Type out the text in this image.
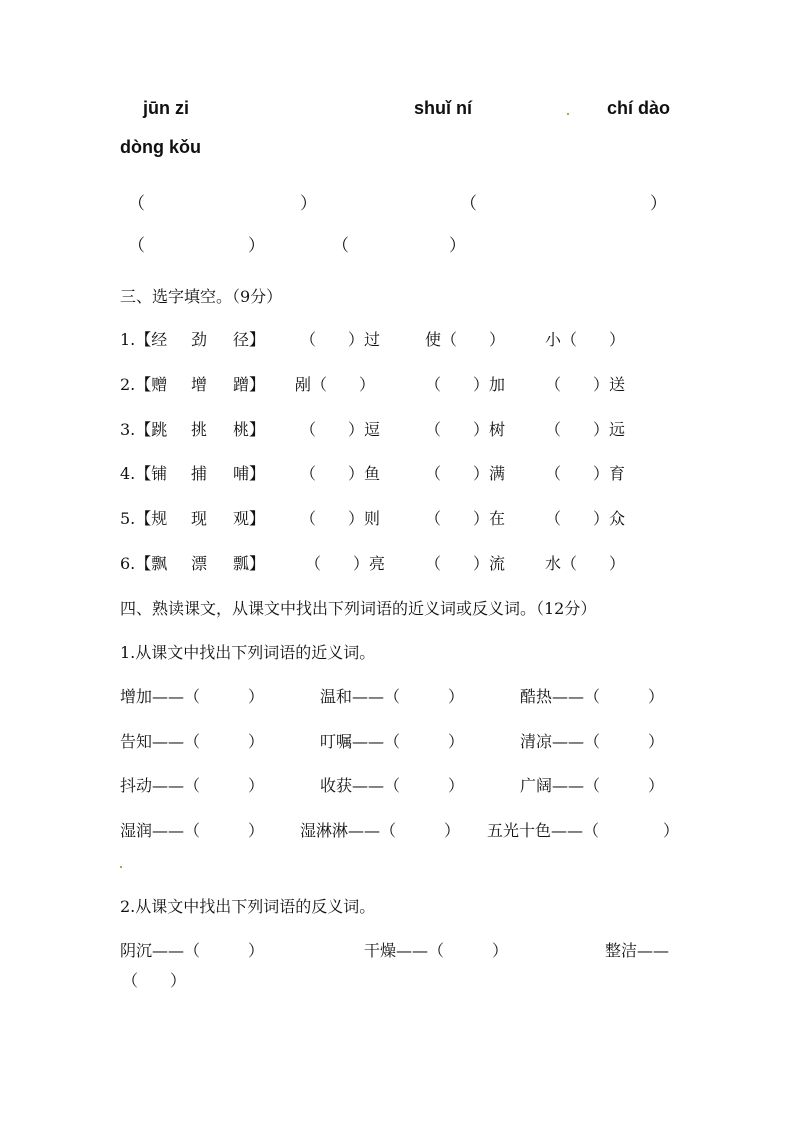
jūn zi	shuǐ ní	chí dào
dòng kǒu
（	）	（	）
（	）	（	）
三、选字填空。（9分）
1.【经 劲 径】 （　　）过	使（　　） 小（　　）
2.【赠 增 蹭】 剐（　　）	（　　）加 （　　）送
3.【跳 挑 桃】 （　　）逗	（　　）树 （　　）远
4.【铺 捕 哺】 （　　）鱼	（　　）满 （　　）育
5.【规 现 观】 （　　）则	（　　）在 （　　）众
6.【飘 漂 瓢】 （　　）亮 （　　）流 水（　　）
四、熟读课文，从课文中找出下列词语的近义词或反义词。（12分）
1.从课文中找出下列词语的近义词。
增加——（　　　）	温和——（　　　）	酷热——（　　　）
告知——（　　　）	叮嘱——（　　　）	清凉——（　　　）
抖动——（　　　）	收获——（　　　）	广阔——（　　　）
湿润——（　　　） 湿淋淋——（　　　） 五光十色——（　　　　）
2.从课文中找出下列词语的反义词。
阴沉——（　　　）	干燥——（　　　）	整洁——
（　　）
